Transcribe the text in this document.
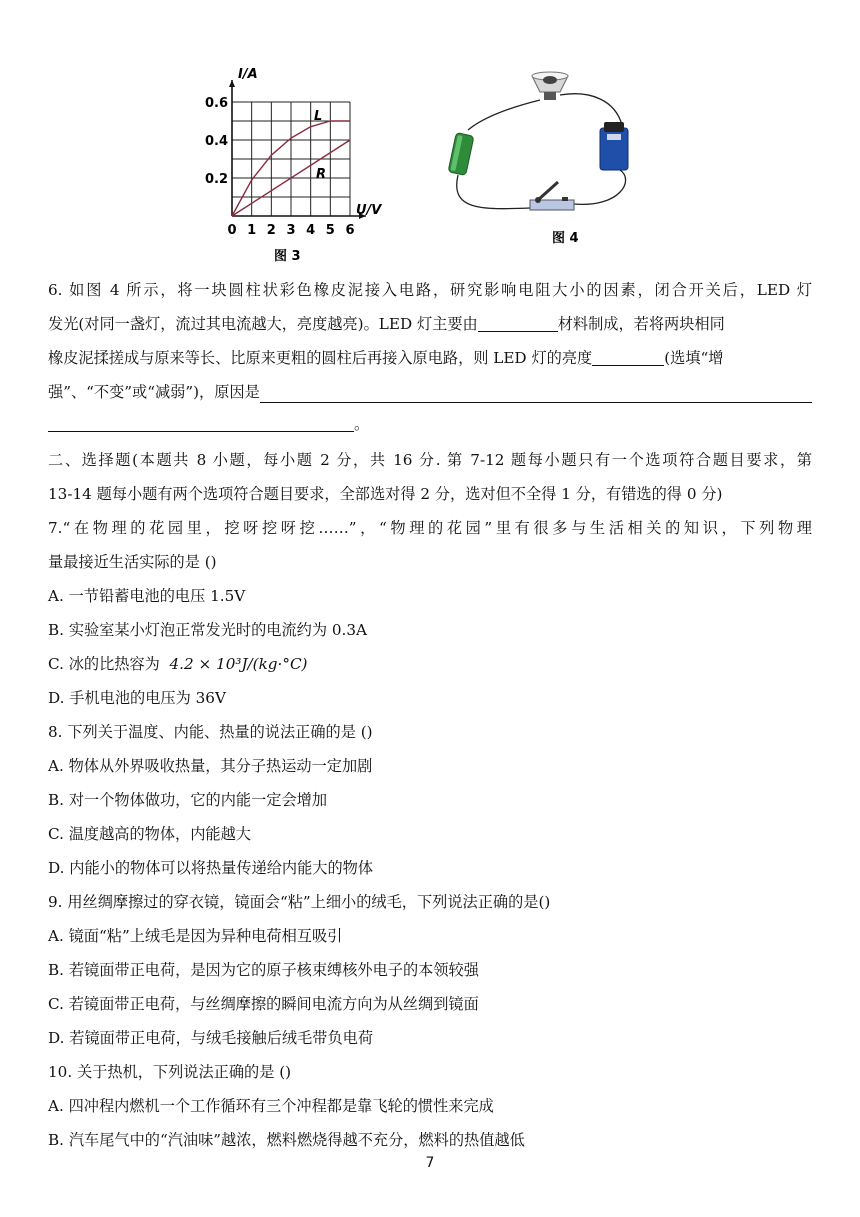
0.6
0.4
0.2
0 1 2 3 4 5 6
I/A
U/V
L
R
图 3
图 4
6. 如图 4 所示，将一块圆柱状彩色橡皮泥接入电路，研究影响电阻大小的因素，闭合开关后，LED 灯
发光(对同一盏灯，流过其电流越大，亮度越亮)。LED 灯主要由	材料制成，若将两块相同
橡皮泥揉搓成与原来等长、比原来更粗的圆柱后再接入原电路，则 LED 灯的亮度	(选填“增
强”、“不变”或“减弱”)，原因是
。
二、选择题(本题共 8 小题，每小题 2 分，共 16 分. 第 7-12 题每小题只有一个选项符合题目要求，第
13-14 题每小题有两个选项符合题目要求，全部选对得 2 分，选对但不全得 1 分，有错选的得 0 分)
7.“在物理的花园里，挖呀挖呀挖……”，“物理的花园”里有很多与生活相关的知识，下列物理
量最接近生活实际的是 ()
A. 一节铅蓄电池的电压 1.5V
B. 实验室某小灯泡正常发光时的电流约为 0.3A
C. 冰的比热容为 4.2 × 10³J/(kg·°C)
D. 手机电池的电压为 36V
8. 下列关于温度、内能、热量的说法正确的是 ()
A. 物体从外界吸收热量，其分子热运动一定加剧
B. 对一个物体做功，它的内能一定会增加
C. 温度越高的物体，内能越大
D. 内能小的物体可以将热量传递给内能大的物体
9. 用丝绸摩擦过的穿衣镜，镜面会“粘”上细小的绒毛，下列说法正确的是()
A. 镜面“粘”上绒毛是因为异种电荷相互吸引
B. 若镜面带正电荷，是因为它的原子核束缚核外电子的本领较强
C. 若镜面带正电荷，与丝绸摩擦的瞬间电流方向为从丝绸到镜面
D. 若镜面带正电荷，与绒毛接触后绒毛带负电荷
10. 关于热机，下列说法正确的是 ()
A. 四冲程内燃机一个工作循环有三个冲程都是靠飞轮的惯性来完成
B. 汽车尾气中的“汽油味”越浓，燃料燃烧得越不充分，燃料的热值越低
7
